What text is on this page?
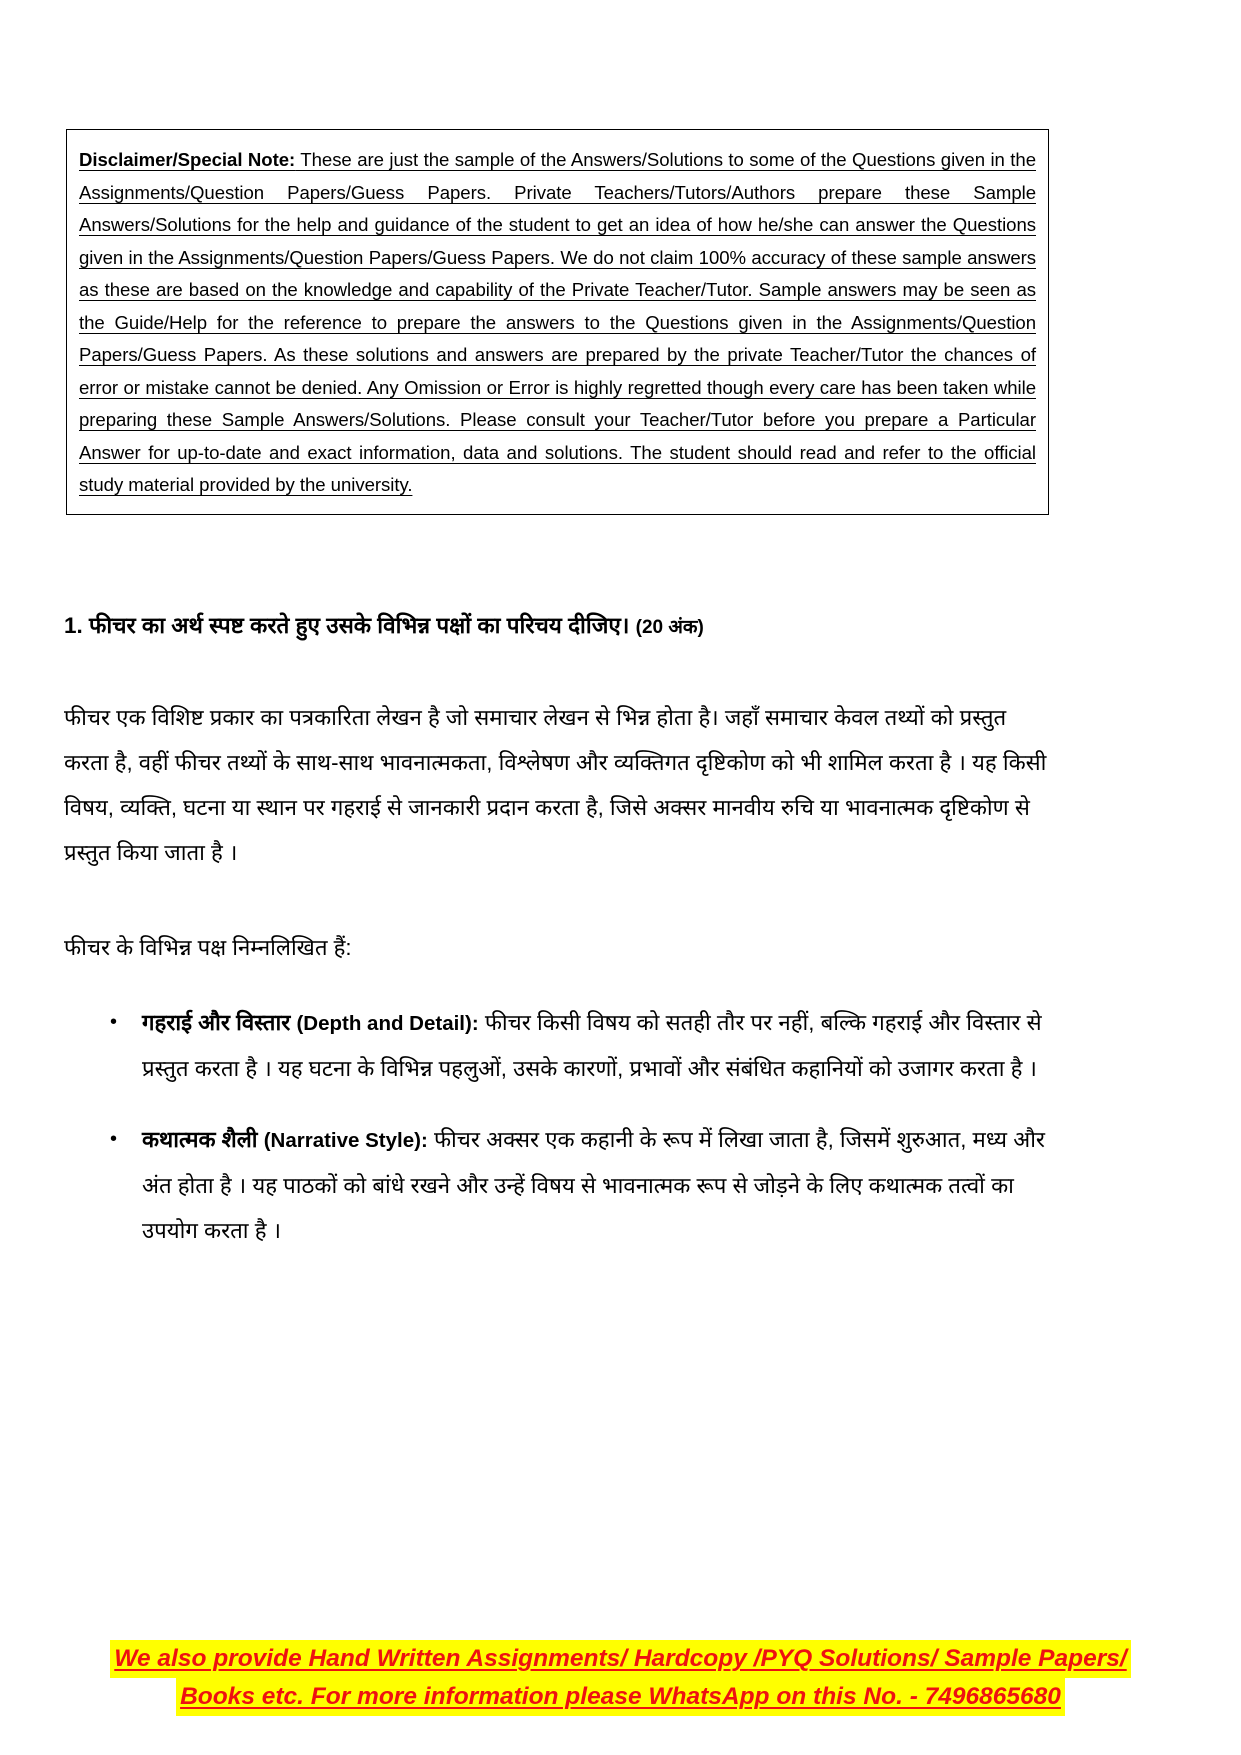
Disclaimer/Special Note: These are just the sample of the Answers/Solutions to some of the Questions given in the Assignments/Question Papers/Guess Papers. Private Teachers/Tutors/Authors prepare these Sample Answers/Solutions for the help and guidance of the student to get an idea of how he/she can answer the Questions given in the Assignments/Question Papers/Guess Papers. We do not claim 100% accuracy of these sample answers as these are based on the knowledge and capability of the Private Teacher/Tutor. Sample answers may be seen as the Guide/Help for the reference to prepare the answers to the Questions given in the Assignments/Question Papers/Guess Papers. As these solutions and answers are prepared by the private Teacher/Tutor the chances of error or mistake cannot be denied. Any Omission or Error is highly regretted though every care has been taken while preparing these Sample Answers/Solutions. Please consult your Teacher/Tutor before you prepare a Particular Answer for up-to-date and exact information, data and solutions. The student should read and refer to the official study material provided by the university.

1. फीचर का अर्थ स्पष्ट करते हुए उसके विभिन्न पक्षों का परिचय दीजिए। (20 अंक)
फीचर एक विशिष्ट प्रकार का पत्रकारिता लेखन है जो समाचार लेखन से भिन्न होता है। जहाँ समाचार केवल तथ्यों को प्रस्तुत करता है, वहीं फीचर तथ्यों के साथ-साथ भावनात्मकता, विश्लेषण और व्यक्तिगत दृष्टिकोण को भी शामिल करता है । यह किसी विषय, व्यक्ति, घटना या स्थान पर गहराई से जानकारी प्रदान करता है, जिसे अक्सर मानवीय रुचि या भावनात्मक दृष्टिकोण से प्रस्तुत किया जाता है ।
फीचर के विभिन्न पक्ष निम्नलिखित हैं:
• गहराई और विस्तार (Depth and Detail): फीचर किसी विषय को सतही तौर पर नहीं, बल्कि गहराई और विस्तार से प्रस्तुत करता है । यह घटना के विभिन्न पहलुओं, उसके कारणों, प्रभावों और संबंधित कहानियों को उजागर करता है ।
• कथात्मक शैली (Narrative Style): फीचर अक्सर एक कहानी के रूप में लिखा जाता है, जिसमें शुरुआत, मध्य और अंत होता है । यह पाठकों को बांधे रखने और उन्हें विषय से भावनात्मक रूप से जोड़ने के लिए कथात्मक तत्वों का उपयोग करता है ।
We also provide Hand Written Assignments/ Hardcopy /PYQ Solutions/ Sample Papers/
Books etc. For more information please WhatsApp on this No. - 7496865680
